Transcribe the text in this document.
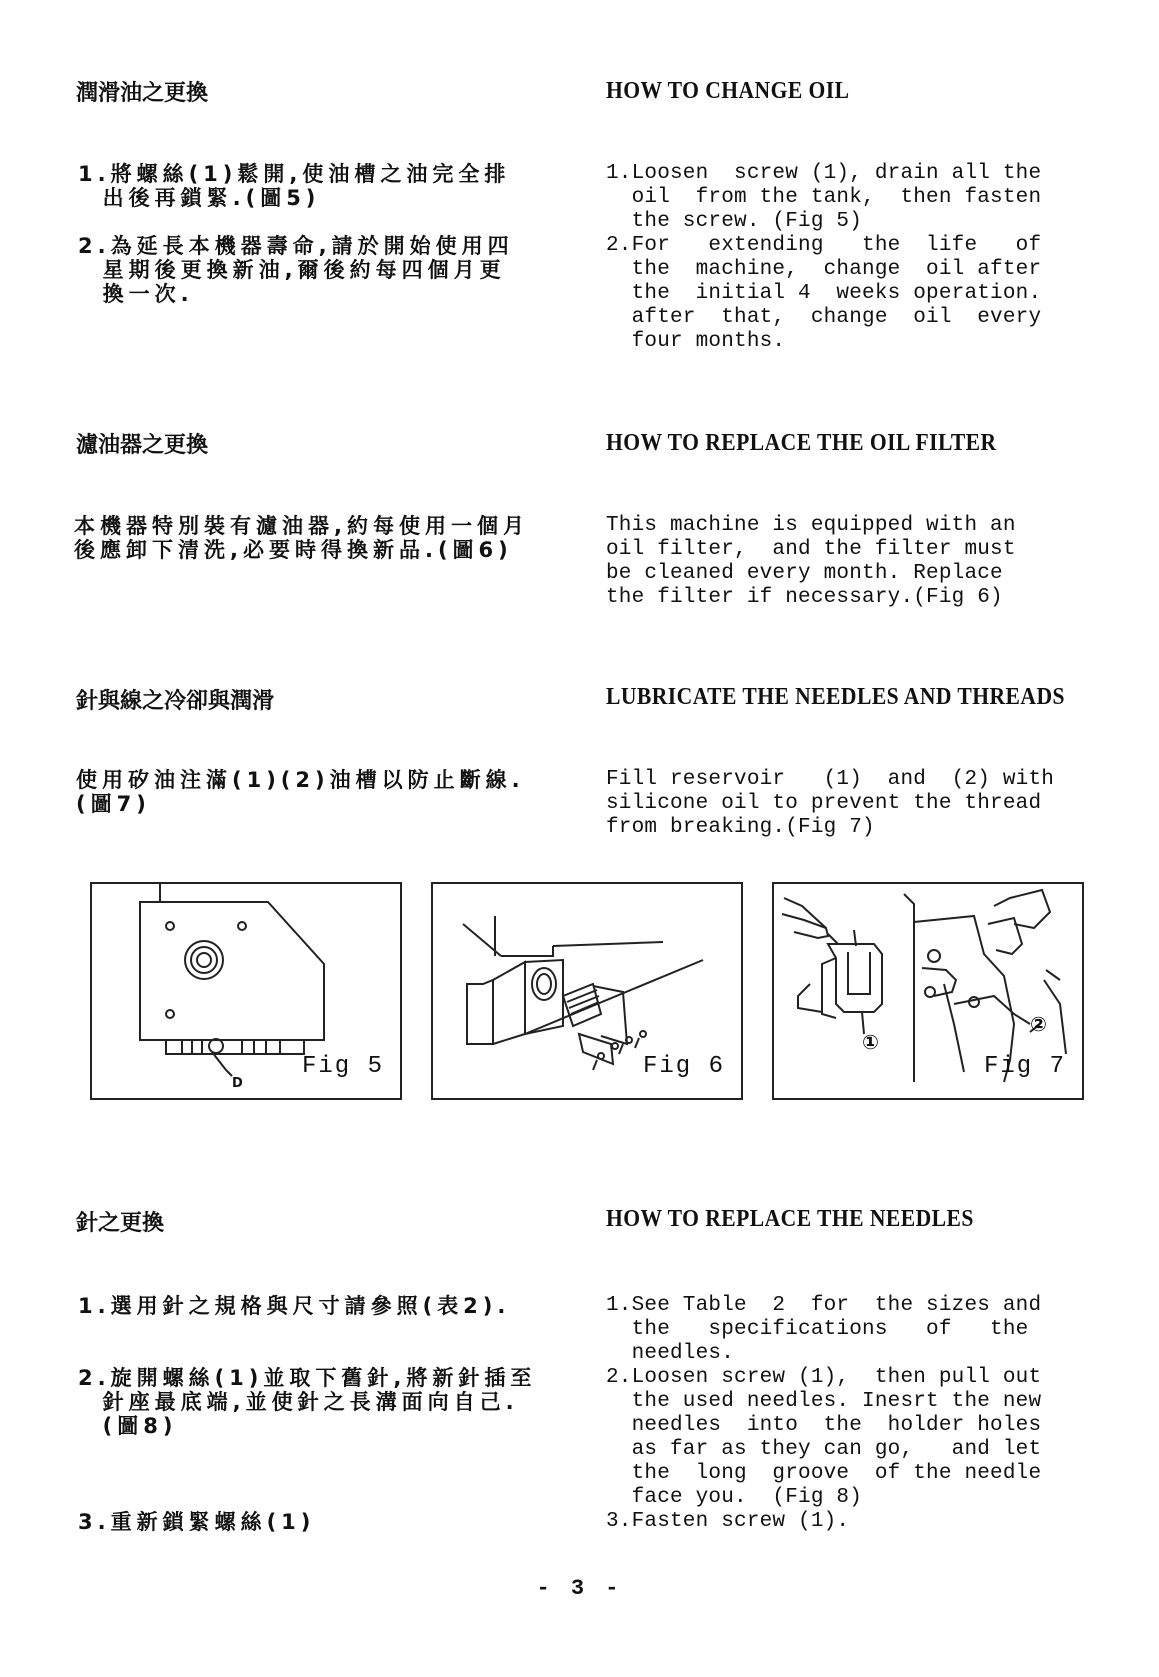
潤滑油之更換	HOW TO CHANGE OIL
1.將螺絲(1)鬆開,使油槽之油完全排
出後再鎖緊.(圖5)
2.為延長本機器壽命,請於開始使用四
星期後更換新油,爾後約每四個月更
換一次.
1.Loosen  screw (1), drain all the
oil  from the tank,  then fasten
the screw. (Fig 5)
2.For   extending   the  life   of
the  machine,  change  oil after
the  initial 4  weeks operation.
after  that,  change  oil  every
four months.
濾油器之更換	HOW TO REPLACE THE OIL FILTER
本機器特別裝有濾油器,約每使用一個月
後應卸下清洗,必要時得換新品.(圖6)
This machine is equipped with an
oil filter,  and the filter must
be cleaned every month. Replace
the filter if necessary.(Fig 6)
針與線之冷卻與潤滑	LUBRICATE THE NEEDLES AND THREADS
使用矽油注滿(1)(2)油槽以防止斷線.
(圖7)
Fill reservoir   (1)  and  (2) with
silicone oil to prevent the thread
from breaking.(Fig 7)
D
Fig 5	Fig 6
①
②
Fig 7
針之更換	HOW TO REPLACE THE NEEDLES
1.選用針之規格與尺寸請參照(表2).
2.旋開螺絲(1)並取下舊針,將新針插至
針座最底端,並使針之長溝面向自己.
(圖8)
3.重新鎖緊螺絲(1)
1.See Table  2  for  the sizes and
the   specifications   of   the
needles.
2.Loosen screw (1),  then pull out
the used needles. Inesrt the new
needles  into  the  holder holes
as far as they can go,   and let
the  long  groove  of the needle
face you.  (Fig 8)
3.Fasten screw (1).
- 3 -
